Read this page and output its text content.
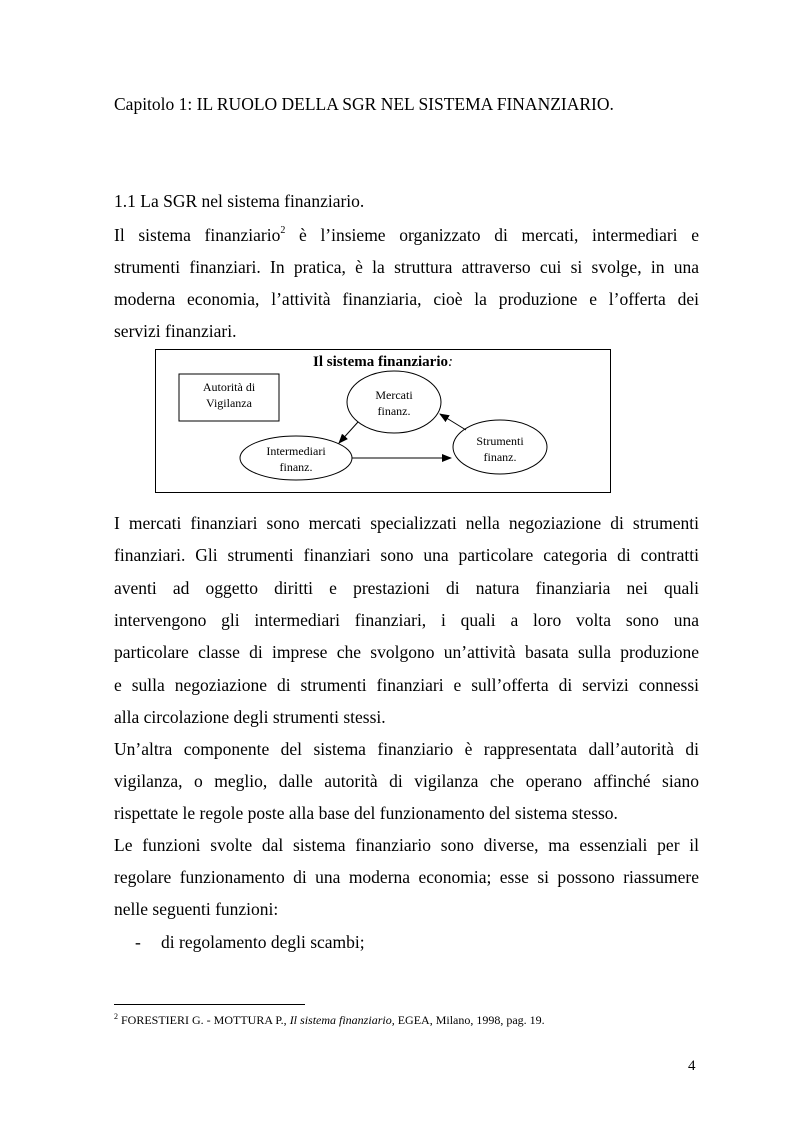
Capitolo 1: IL RUOLO DELLA SGR NEL SISTEMA FINANZIARIO.
1.1 La SGR nel sistema finanziario.
Il sistema finanziario$^2$ è l’insieme organizzato di mercati, intermediari e
strumenti finanziari. In pratica, è la struttura attraverso cui si svolge, in una
moderna economia, l’attività finanziaria, cioè la produzione e l’offerta dei
servizi finanziari.
Il sistema finanziario:
Autorità di
Vigilanza
Mercati
finanz.
Intermediari
finanz.
Strumenti
finanz.
I mercati finanziari sono mercati specializzati nella negoziazione di strumenti
finanziari. Gli strumenti finanziari sono una particolare categoria di contratti
aventi ad oggetto diritti e prestazioni di natura finanziaria nei quali
intervengono gli intermediari finanziari, i quali a loro volta sono una
particolare classe di imprese che svolgono un’attività basata sulla produzione
e sulla negoziazione di strumenti finanziari e sull’offerta di servizi connessi
alla circolazione degli strumenti stessi.
Un’altra componente del sistema finanziario è rappresentata dall’autorità di
vigilanza, o meglio, dalle autorità di vigilanza che operano affinché siano
rispettate le regole poste alla base del funzionamento del sistema stesso.
Le funzioni svolte dal sistema finanziario sono diverse, ma essenziali per il
regolare funzionamento di una moderna economia; esse si possono riassumere
nelle seguenti funzioni:
- di regolamento degli scambi;
$^2$ FORESTIERI G. - MOTTURA P., Il sistema finanziario, EGEA, Milano, 1998, pag. 19.
4
